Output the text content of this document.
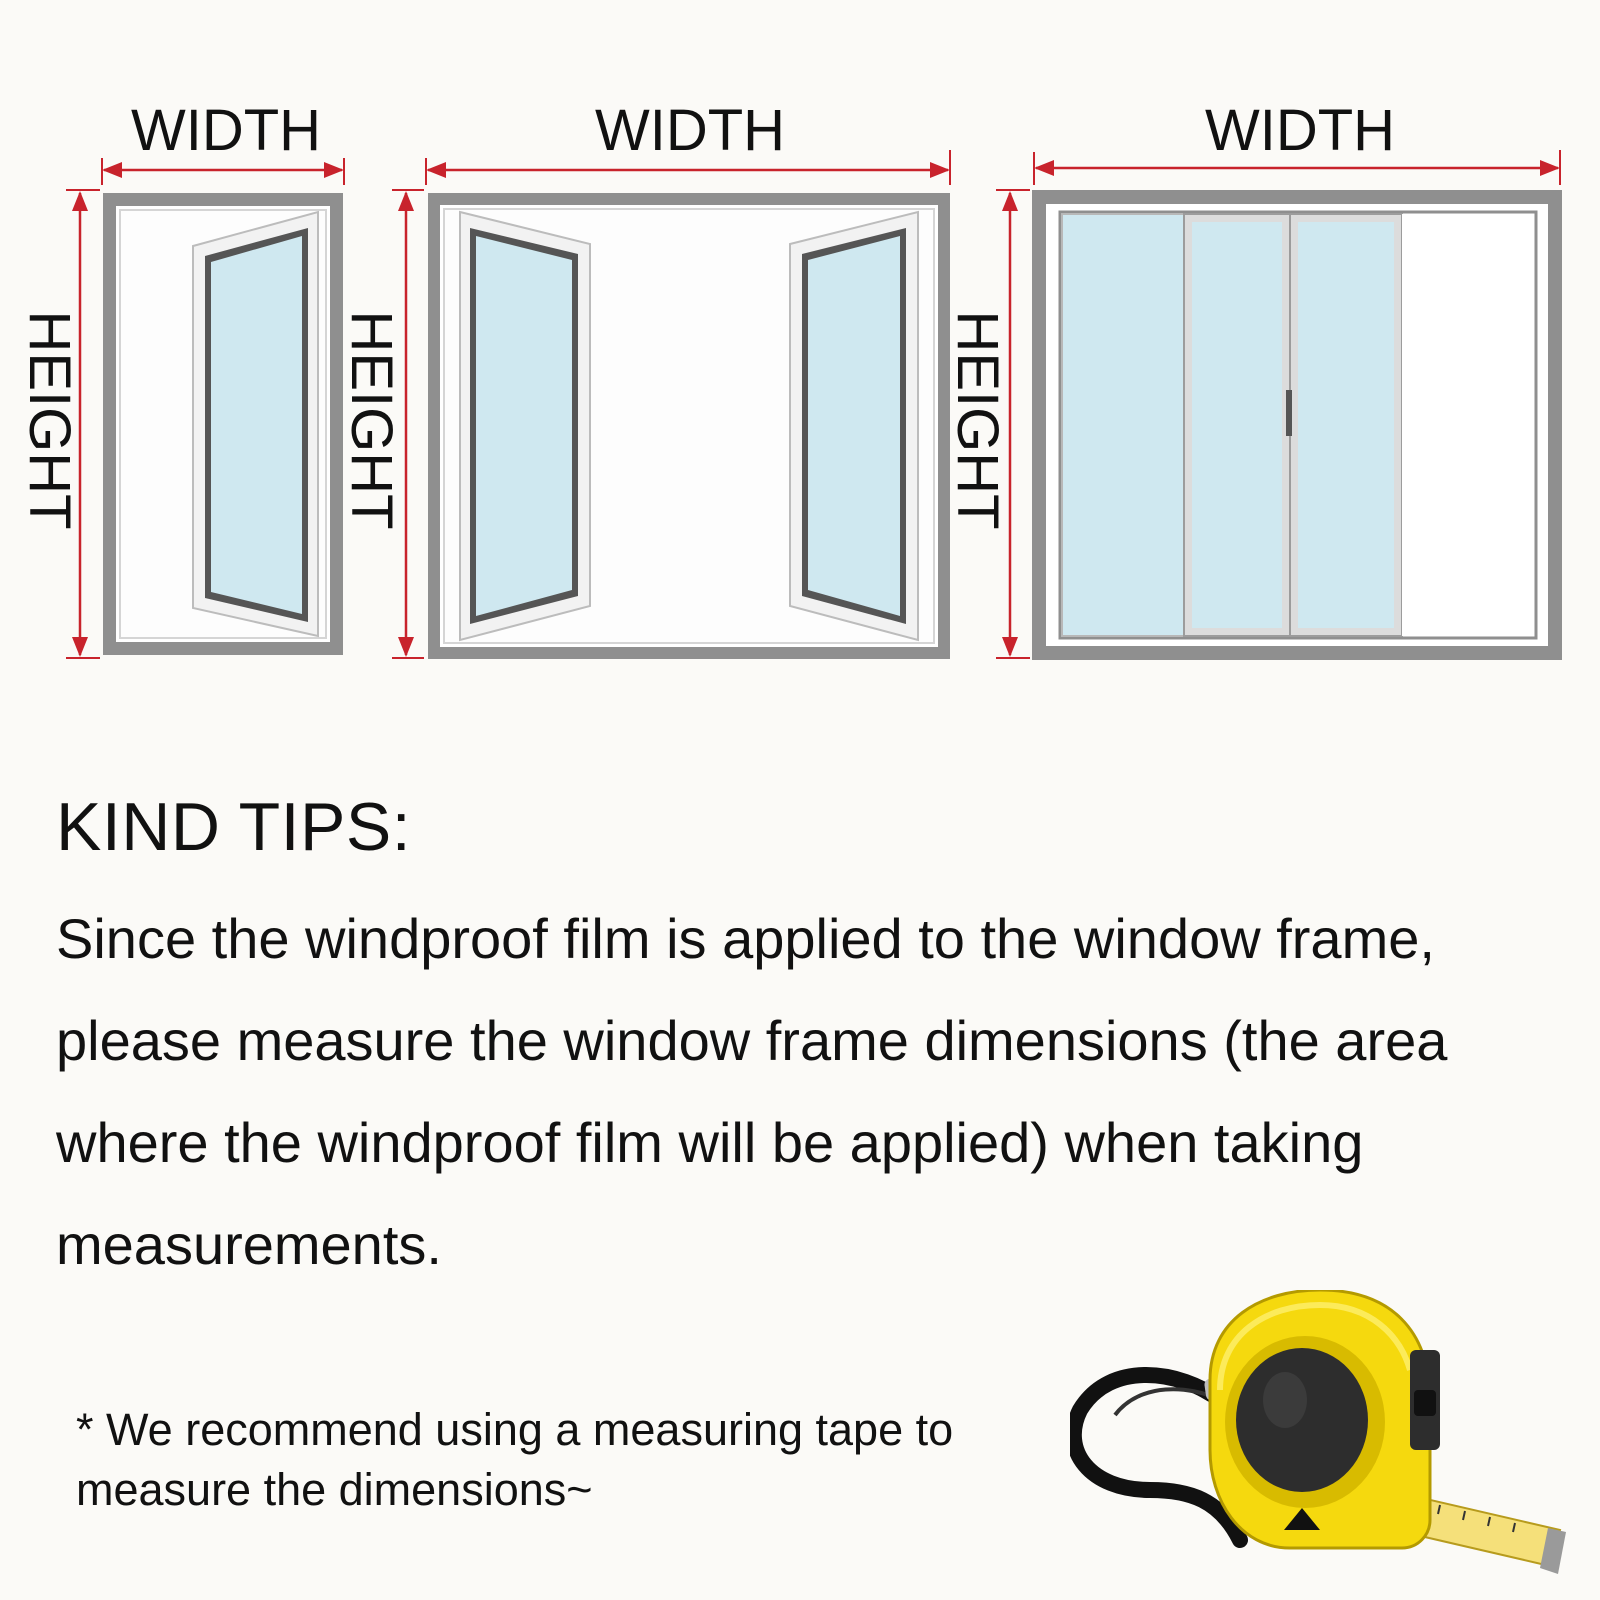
WIDTH
HEIGHT
WIDTH
HEIGHT
WIDTH
HEIGHT
KIND TIPS:

Since the windproof film is applied to the window frame, please measure the window frame dimensions (the area where the windproof film will be applied) when taking measurements.

* We recommend using a measuring tape to measure the dimensions~
